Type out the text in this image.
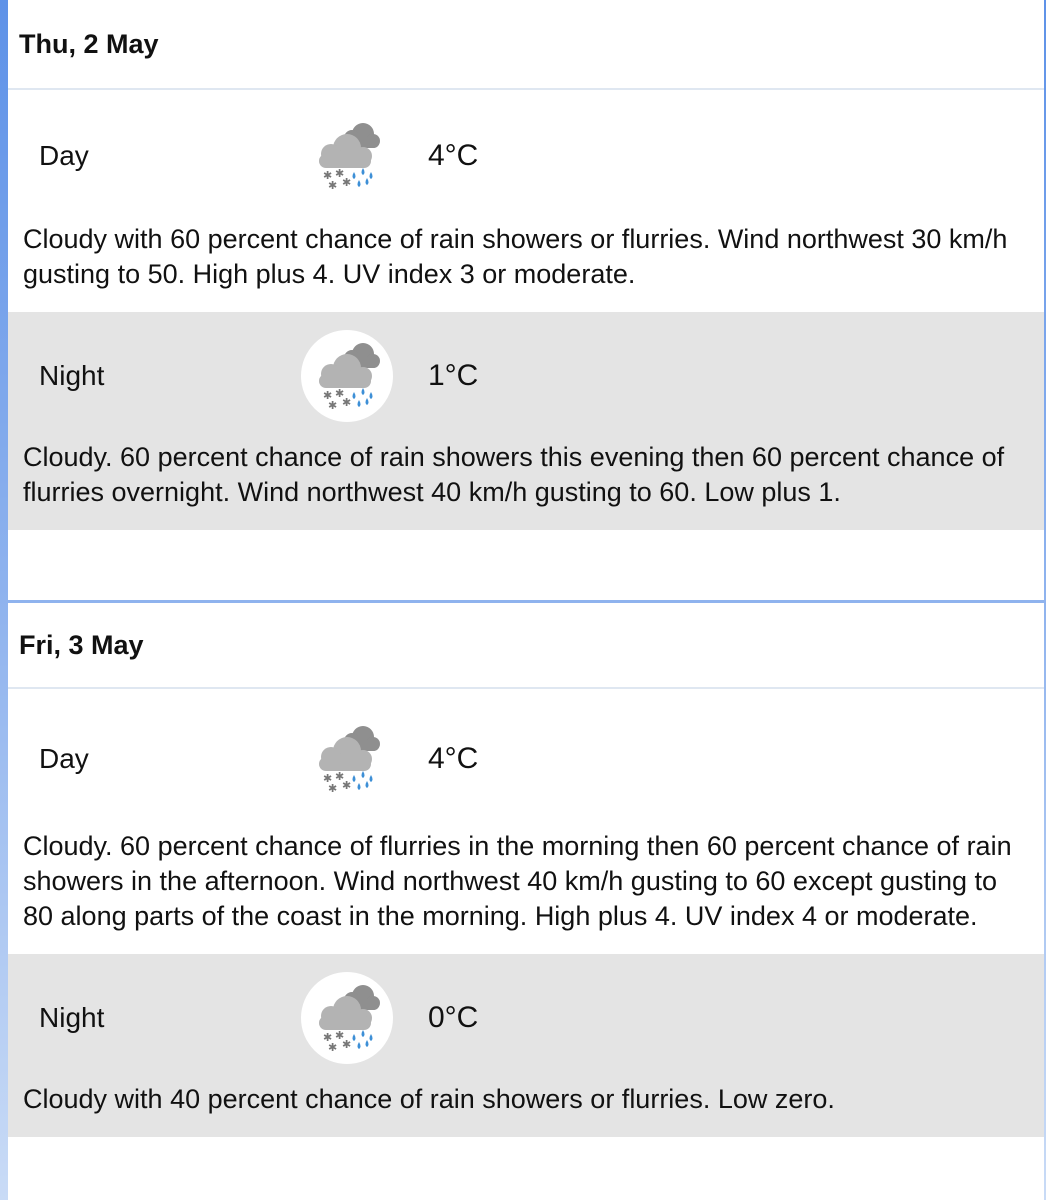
Thu, 2 May
Day
✱ ✱
✱ ✱
4°C

Cloudy with 60 percent chance of rain showers or flurries. Wind northwest 30 km/h gusting to 50. High plus 4. UV index 3 or moderate.

Night
✱ ✱
✱ ✱
1°C

Cloudy. 60 percent chance of rain showers this evening then 60 percent chance of flurries overnight. Wind northwest 40 km/h gusting to 60. Low plus 1.

Fri, 3 May
Day
✱ ✱
✱ ✱
4°C

Cloudy. 60 percent chance of flurries in the morning then 60 percent chance of rain showers in the afternoon. Wind northwest 40 km/h gusting to 60 except gusting to 80 along parts of the coast in the morning. High plus 4. UV index 4 or moderate.

Night
✱ ✱
✱ ✱
0°C

Cloudy with 40 percent chance of rain showers or flurries. Low zero.
